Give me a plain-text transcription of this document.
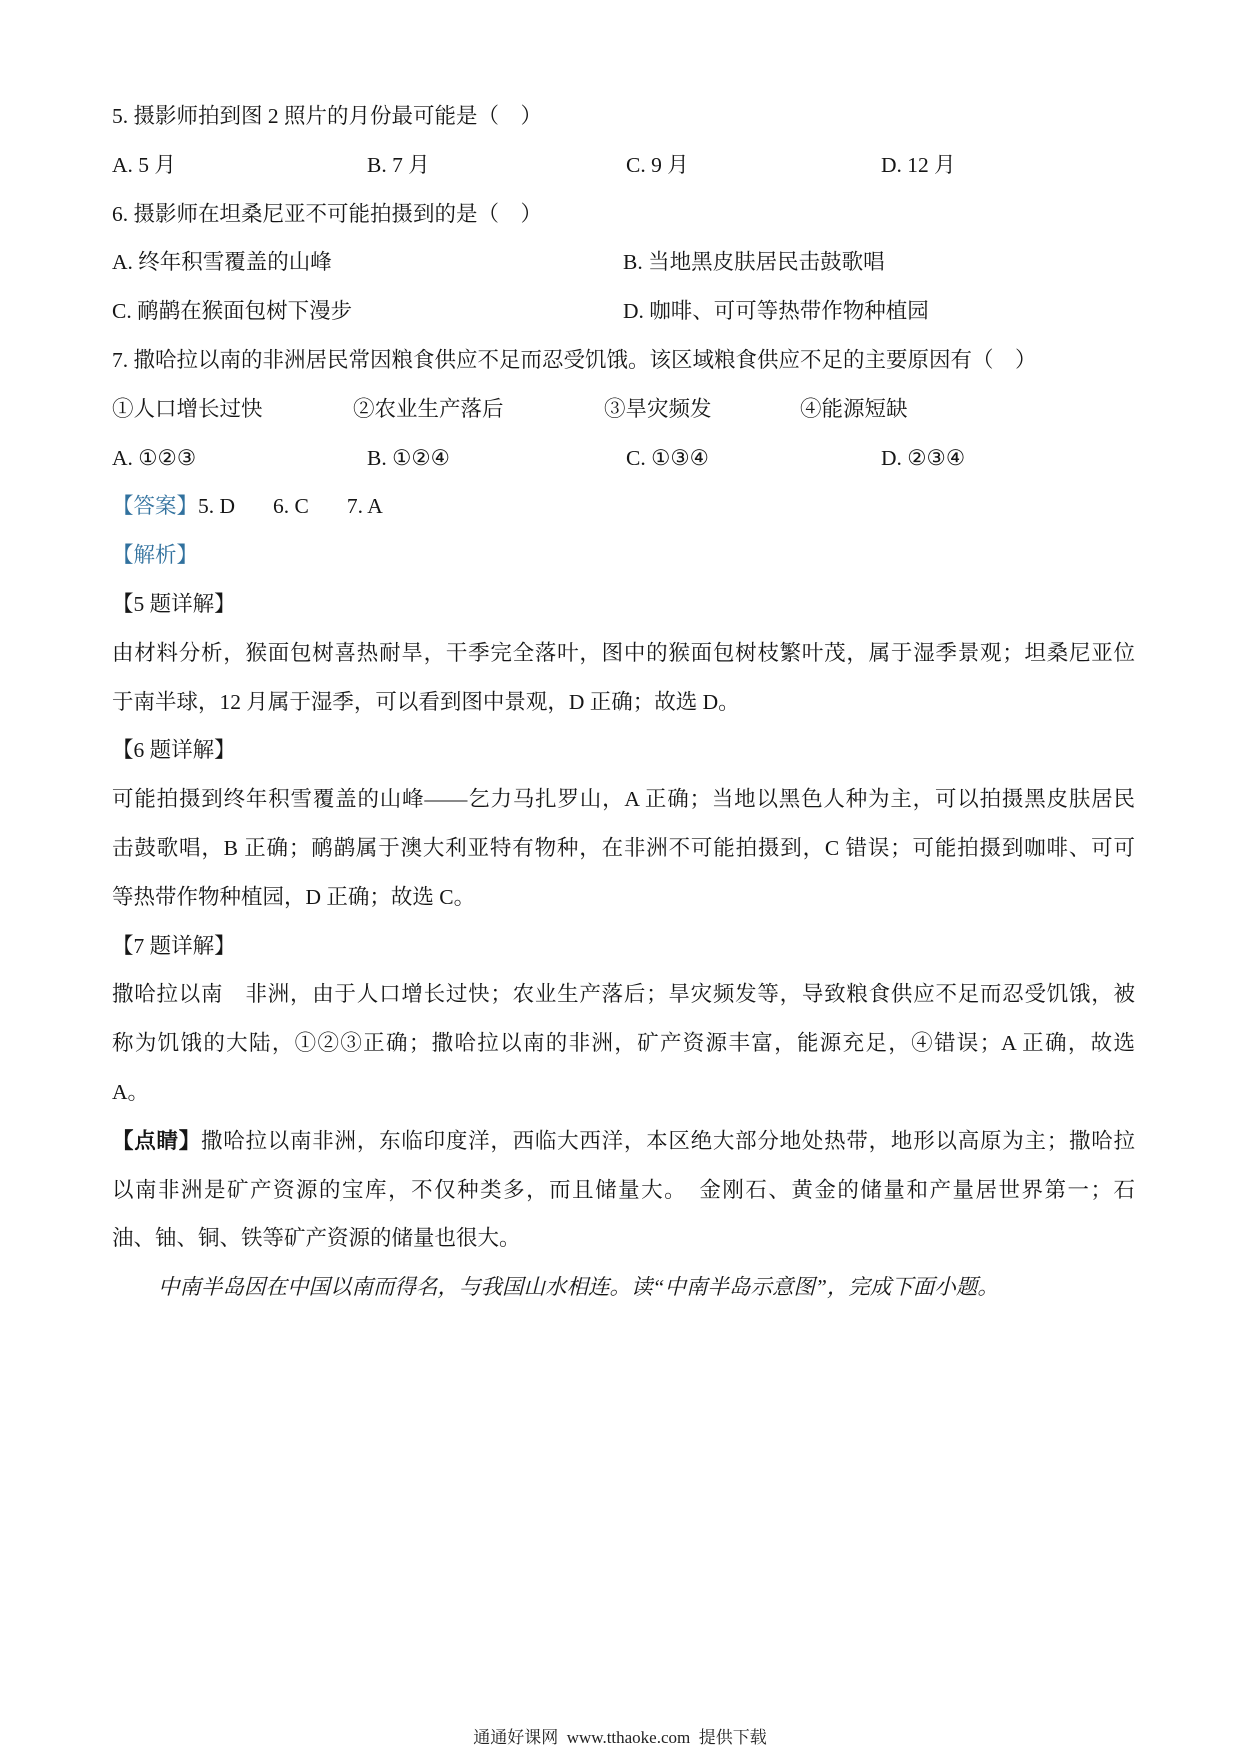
5. 摄影师拍到图 2 照片的月份最可能是（　）
A. 5 月	B. 7 月	C. 9 月	D. 12 月
6. 摄影师在坦桑尼亚不可能拍摄到的是（　）
A. 终年积雪覆盖的山峰	B. 当地黑皮肤居民击鼓歌唱
C. 鸸鹋在猴面包树下漫步	D. 咖啡、可可等热带作物种植园
7. 撒哈拉以南的非洲居民常因粮食供应不足而忍受饥饿。该区域粮食供应不足的主要原因有（　）
①人口增长过快	②农业生产落后	③旱灾频发	④能源短缺
A. ①②③	B. ①②④	C. ①③④	D. ②③④
【答案】5. D 6. C 7. A
【解析】
【5 题详解】
由材料分析，猴面包树喜热耐旱，干季完全落叶，图中的猴面包树枝繁叶茂，属于湿季景观；坦桑尼亚位
于南半球，12 月属于湿季，可以看到图中景观，D 正确；故选 D。
【6 题详解】
可能拍摄到终年积雪覆盖的山峰——乞力马扎罗山，A 正确；当地以黑色人种为主，可以拍摄黑皮肤居民
击鼓歌唱，B 正确；鸸鹋属于澳大利亚特有物种，在非洲不可能拍摄到，C 错误；可能拍摄到咖啡、可可
等热带作物种植园，D 正确；故选 C。
【7 题详解】
撒哈拉以南　非洲，由于人口增长过快；农业生产落后；旱灾频发等，导致粮食供应不足而忍受饥饿，被
称为饥饿的大陆，①②③正确；撒哈拉以南的非洲，矿产资源丰富，能源充足，④错误；A 正确，故选
A。
【点睛】撒哈拉以南非洲，东临印度洋，西临大西洋，本区绝大部分地处热带，地形以高原为主；撒哈拉
以南非洲是矿产资源的宝库，不仅种类多，而且储量大。　金刚石、黄金的储量和产量居世界第一；石
油、铀、铜、铁等矿产资源的储量也很大。
中南半岛因在中国以南而得名，与我国山水相连。读“中南半岛示意图”，完成下面小题。
通通好课网  www.tthaoke.com  提供下载
